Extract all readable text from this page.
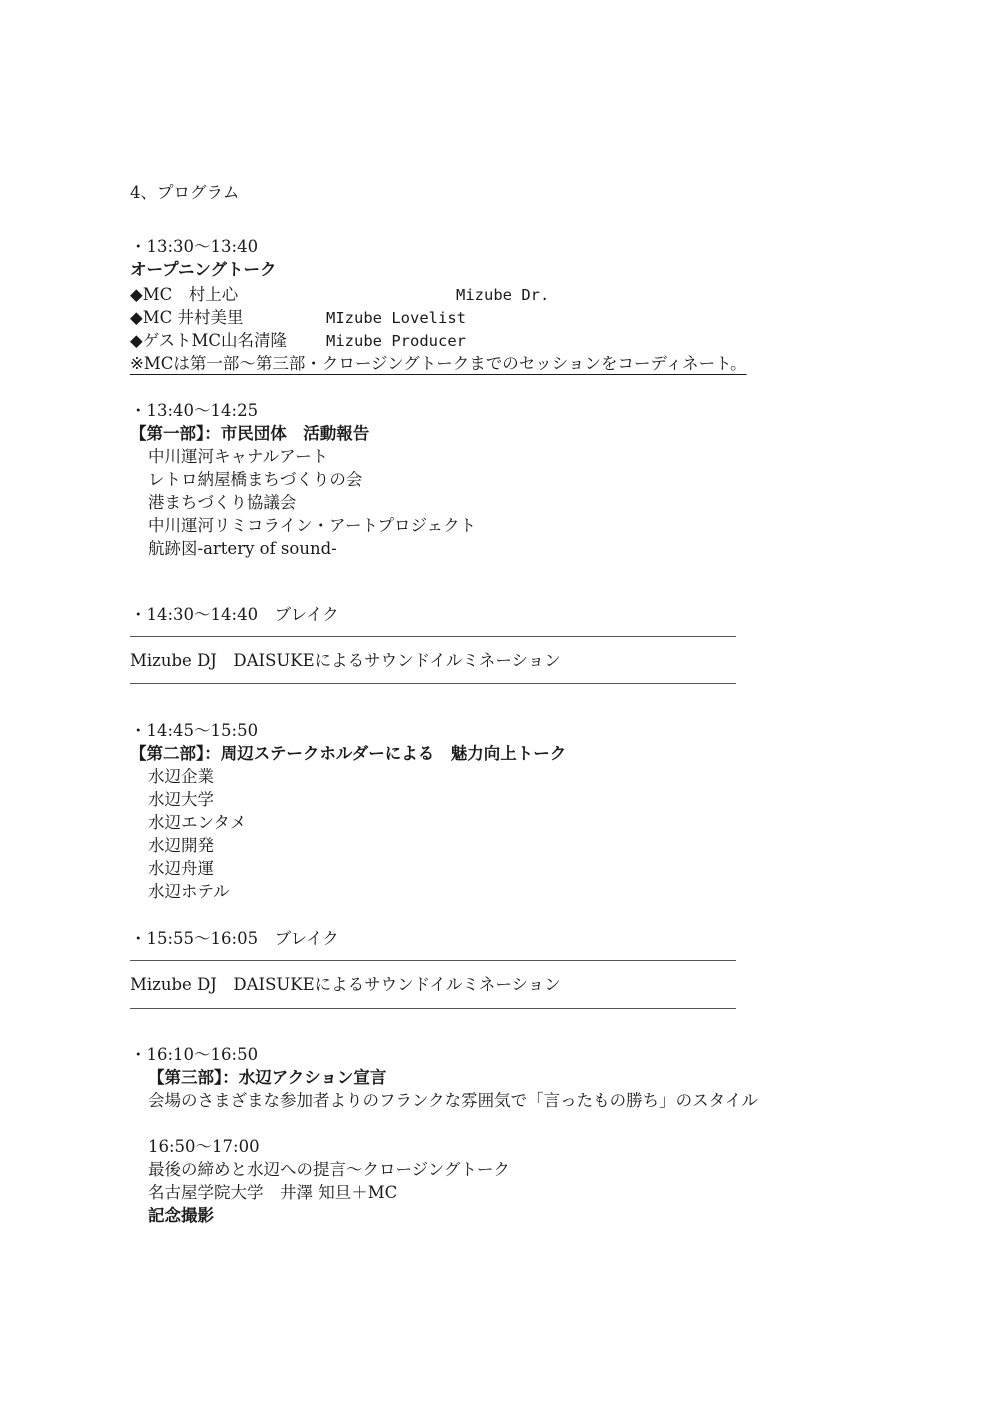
4、プログラム
・13:30～13:40
オープニングトーク
◆MC　村上心	Mizube Dr.
◆MC 井村美里	MIzube Lovelist
◆ゲストMC山名清隆	Mizube Producer
※MCは第一部～第三部・クロージングトークまでのセッションをコーディネート。
・13:40～14:25
【第一部】：市民団体　活動報告
中川運河キャナルアート
レトロ納屋橋まちづくりの会
港まちづくり協議会
中川運河リミコライン・アートプロジェクト
航跡図-artery of sound-
・14:30～14:40　ブレイク
Mizube DJ　DAISUKEによるサウンドイルミネーション
・14:45～15:50
【第二部】：周辺ステークホルダーによる　魅力向上トーク
水辺企業
水辺大学
水辺エンタメ
水辺開発
水辺舟運
水辺ホテル
・15:55～16:05　ブレイク
Mizube DJ　DAISUKEによるサウンドイルミネーション
・16:10～16:50
【第三部】：水辺アクション宣言
会場のさまざまな参加者よりのフランクな雰囲気で「言ったもの勝ち」のスタイル
16:50～17:00
最後の締めと水辺への提言～クロージングトーク
名古屋学院大学　井澤 知旦＋MC
記念撮影
